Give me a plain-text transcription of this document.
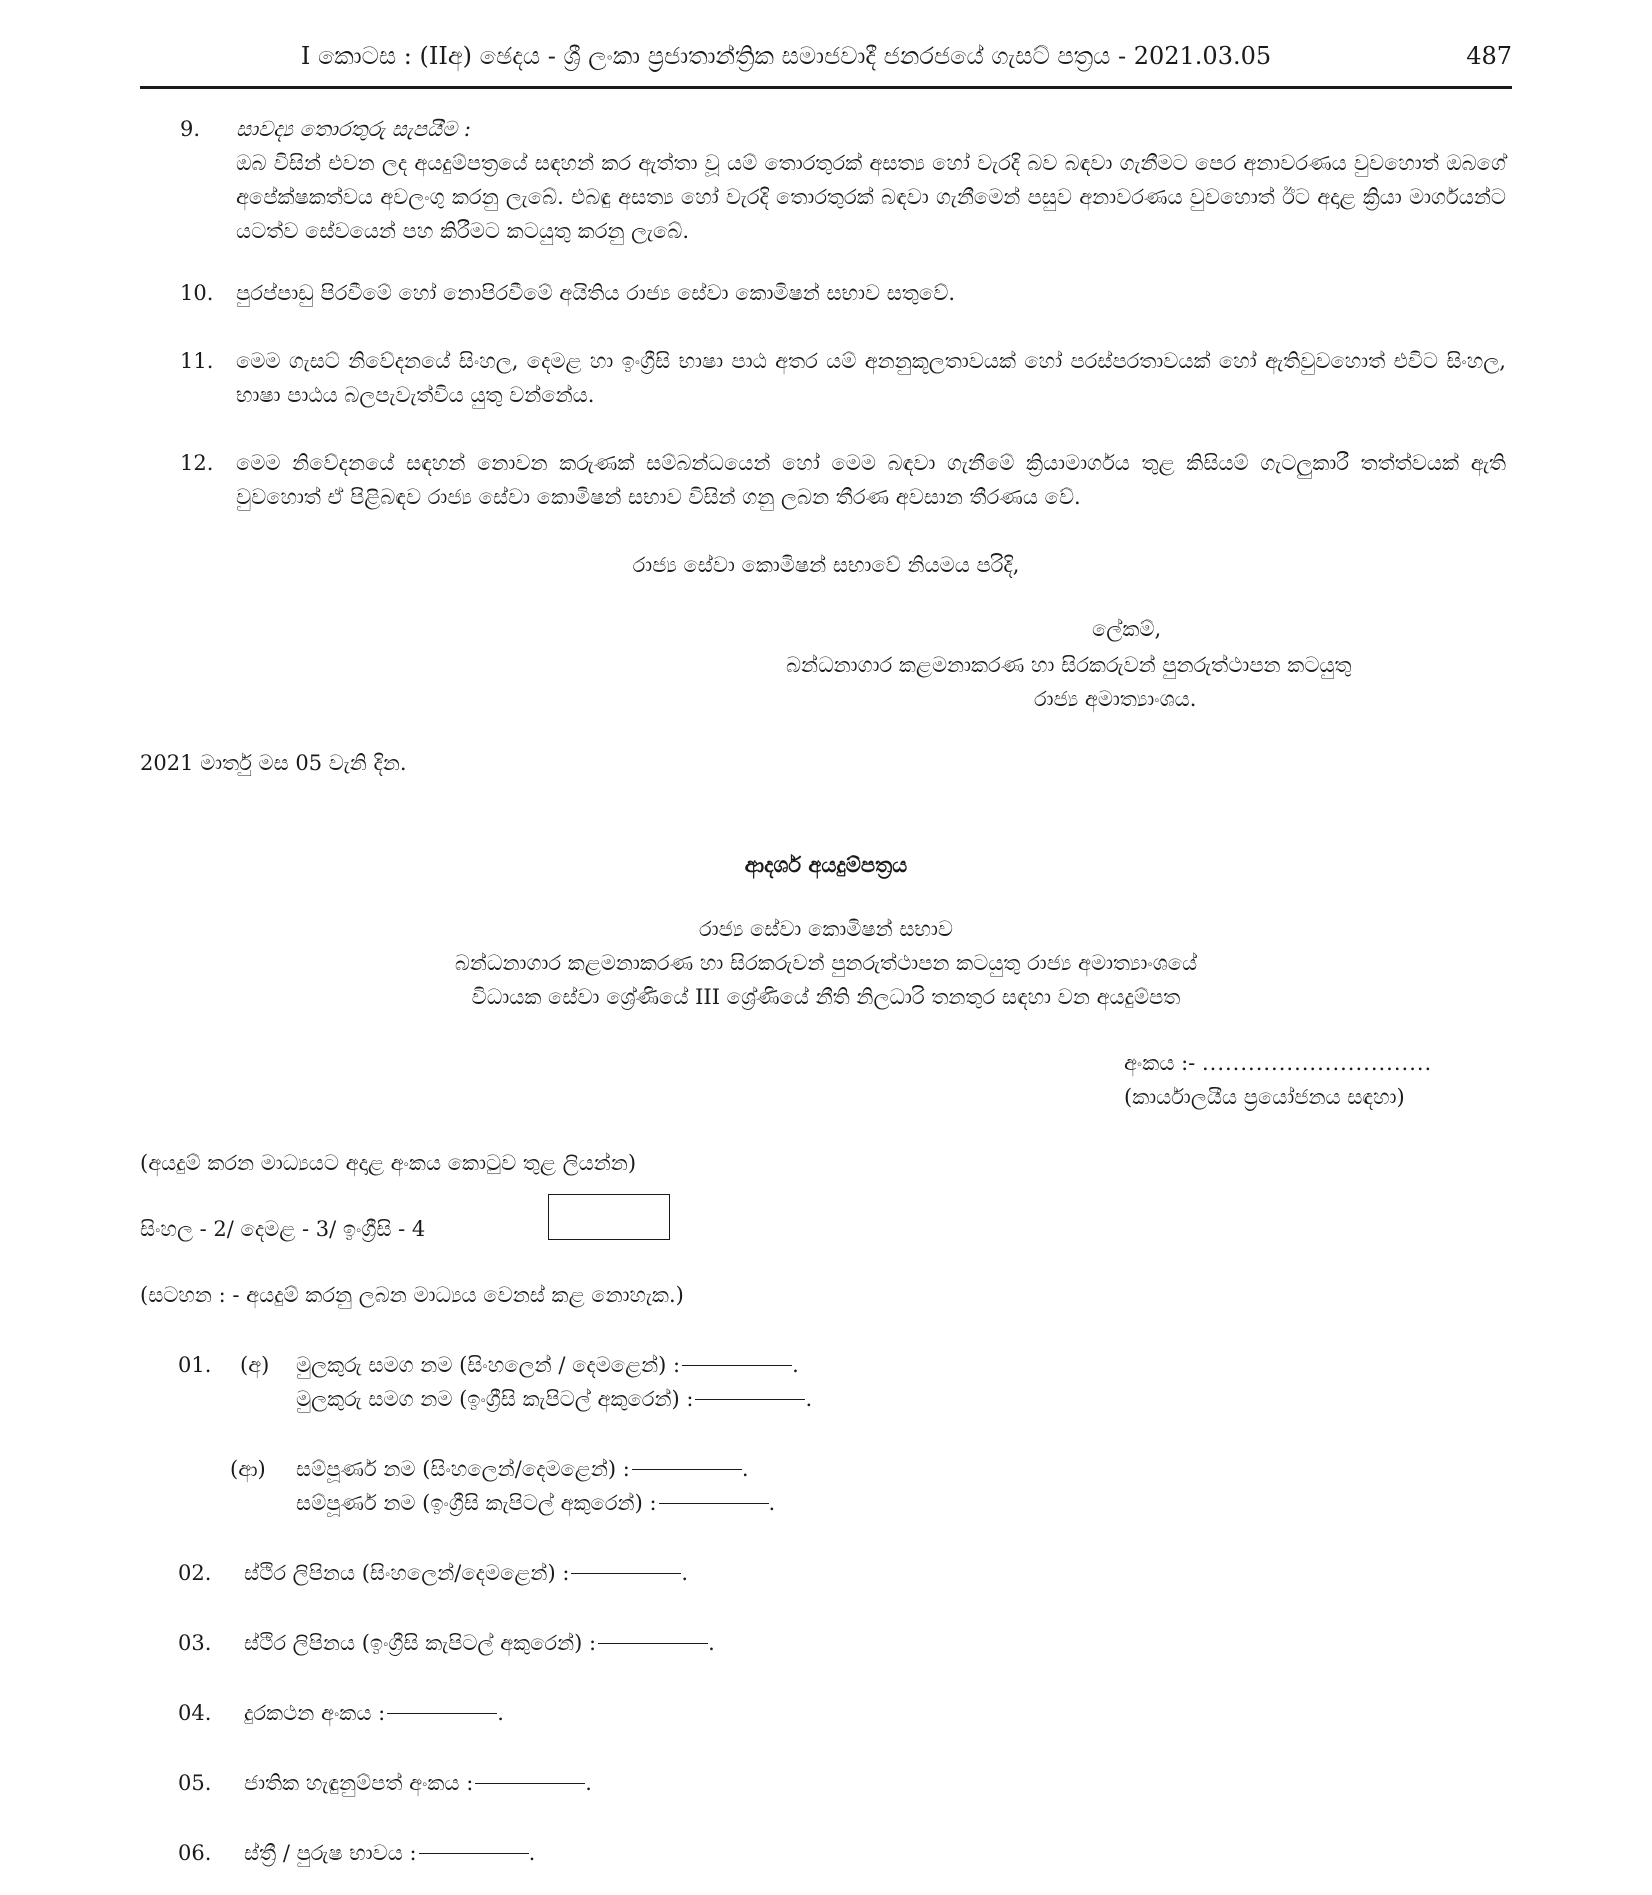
I කොටස : (IIඅ) ඡෙදය - ශ්‍රී ලංකා ප්‍රජාතාන්ත්‍රික සමාජවාදී ජනරජයේ ගැසට් පත්‍රය - 2021.03.05	487
9. සාවද්‍ය තොරතුරු සැපයීම :
ඔබ විසින් එවන ලද අයදුම්පත්‍රයේ සඳහන් කර ඇත්තා වූ යම් තොරතුරක් අසත්‍ය හෝ වැරදි බව බඳවා ගැනීමට පෙර අනාවරණය වුවහොත් ඔබගේ අපේක්ෂකත්වය අවලංගු කරනු ලැබේ. එබඳු අසත්‍ය හෝ වැරදි තොරතුරක් බඳවා ගැනීමෙන් පසුව අනාවරණය වුවහොත් ඊට අදාළ ක්‍රියා මාර්ගයන්ට යටත්ව සේවයෙන් පහ කිරීමට කටයුතු කරනු ලැබේ.
10. පුරප්පාඩු පිරවීමේ හෝ නොපිරවීමේ අයිතිය රාජ්‍ය සේවා කොමිෂන් සභාව සතුවේ.
11. මෙම ගැසට් නිවේදනයේ සිංහල, දෙමළ හා ඉංග්‍රීසි භාෂා පාඨ අතර යම් අනනුකූලතාවයක් හෝ පරස්පරතාවයක් හෝ ඇතිවුවහොත් එවිට සිංහල, භාෂා පාඨය බලපැවැත්විය යුතු වන්නේය.
12. මෙම නිවේදනයේ සඳහන් නොවන කරුණක් සම්බන්ධයෙන් හෝ මෙම බඳවා ගැනීමේ ක්‍රියාමාර්ගය තුළ කිසියම් ගැටලුකාරී තත්ත්වයක් ඇති වුවහොත් ඒ පිළිබඳව රාජ්‍ය සේවා කොමිෂන් සභාව විසින් ගනු ලබන තීරණ අවසාන තීරණය වේ.
රාජ්‍ය සේවා කොමිෂන් සභාවේ නියමය පරිදි,
ලේකම්,
බන්ධනාගාර කළමනාකරණ හා සිරකරුවන් පුනරුත්ථාපන කටයුතු
රාජ්‍ය අමාත්‍යාංශය.
2021 මාර්තු මස 05 වැනි දින.
ආදර්ශ අයදුම්පත්‍රය
රාජ්‍ය සේවා කොමිෂන් සභාව
බන්ධනාගාර කළමනාකරණ හා සිරකරුවන් පුනරුත්ථාපන කටයුතු රාජ්‍ය අමාත්‍යාංශයේ
විධායක සේවා ශ්‍රේණියේ III ශ්‍රේණියේ නීති නිලධාරි තනතුර සඳහා වන අයදුම්පත
අංකය :- ..............................
(කාර්යාලයීය ප්‍රයෝජනය සඳහා)
(අයදුම් කරන මාධ්‍යයට අදාළ අංකය කොටුව තුළ ලියන්න)
සිංහල - 2/ දෙමළ - 3/ ඉංග්‍රීසි - 4
(සටහන : - අයදුම් කරනු ලබන මාධ්‍යය වෙනස් කළ නොහැක.)
01. (අ) මුලකුරු සමග නම (සිංහලෙන් / දෙමළෙන්) :	.
මුලකුරු සමග නම (ඉංග්‍රීසි කැපිටල් අකුරෙන්) :	.
(ආ) සම්පූර්ණ නම (සිංහලෙන්/දෙමළෙන්) :	.
සම්පූර්ණ නම (ඉංග්‍රීසි කැපිටල් අකුරෙන්) :	.
02. ස්ථිර ලිපිනය (සිංහලෙන්/දෙමළෙන්) :	.
03. ස්ථිර ලිපිනය (ඉංග්‍රීසි කැපිටල් අකුරෙන්) :	.
04. දුරකථන අංකය :	.
05. ජාතික හැඳුනුම්පත් අංකය :	.
06. ස්ත්‍රී / පුරුෂ භාවය :	.
